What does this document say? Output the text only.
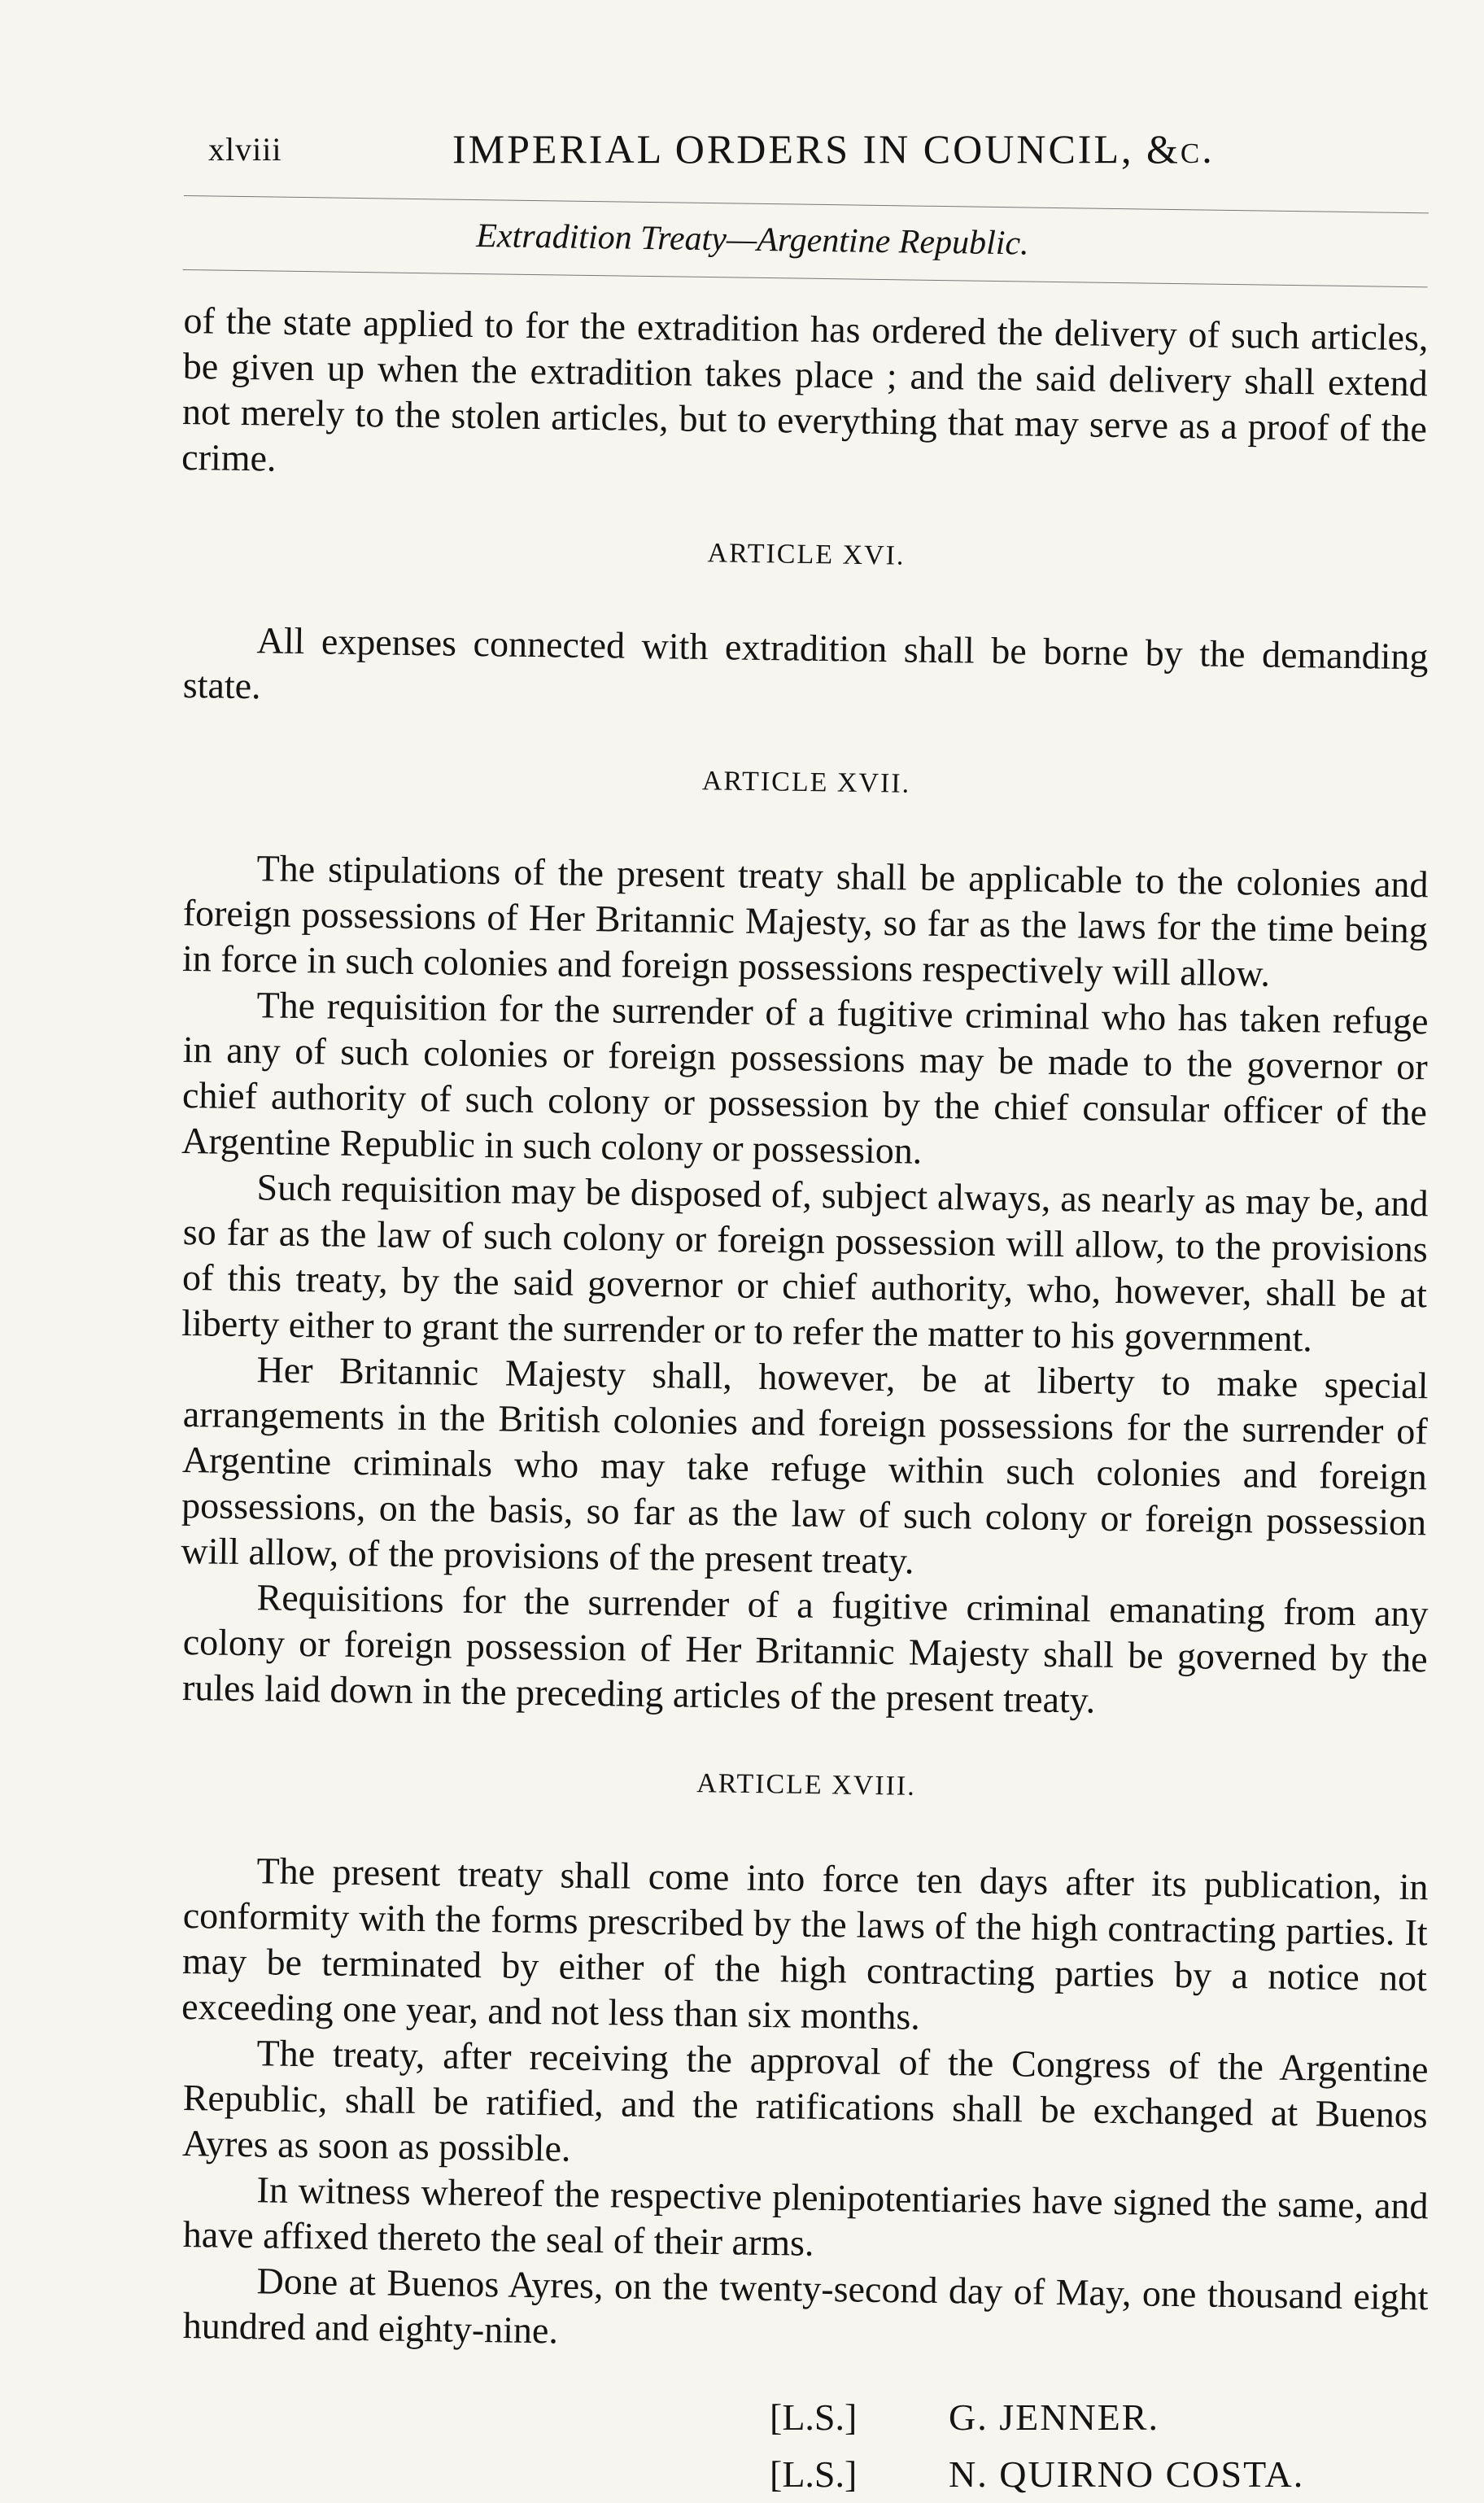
xlviii	IMPERIAL ORDERS IN COUNCIL, &c.
Extradition Treaty—Argentine Republic.

of the state applied to for the extradition has ordered the delivery of such articles, be given up when the extradition takes place ; and the said delivery shall extend not merely to the stolen articles, but to everything that may serve as a proof of the crime.

ARTICLE XVI.

All expenses connected with extradition shall be borne by the demanding state.

ARTICLE XVII.

The stipulations of the present treaty shall be applicable to the colonies and foreign possessions of Her Britannic Majesty, so far as the laws for the time being in force in such colonies and foreign possessions respectively will allow.

The requisition for the surrender of a fugitive criminal who has taken refuge in any of such colonies or foreign possessions may be made to the governor or chief authority of such colony or possession by the chief consular officer of the Argentine Republic in such colony or possession.

Such requisition may be disposed of, subject always, as nearly as may be, and so far as the law of such colony or foreign possession will allow, to the provisions of this treaty, by the said governor or chief authority, who, however, shall be at liberty either to grant the surrender or to refer the matter to his government.

Her Britannic Majesty shall, however, be at liberty to make special arrangements in the British colonies and foreign possessions for the surrender of Argentine criminals who may take refuge within such colonies and foreign possessions, on the basis, so far as the law of such colony or foreign possession will allow, of the provisions of the present treaty.

Requisitions for the surrender of a fugitive criminal emanating from any colony or foreign possession of Her Britannic Majesty shall be governed by the rules laid down in the preceding articles of the present treaty.

ARTICLE XVIII.

The present treaty shall come into force ten days after its publication, in conformity with the forms prescribed by the laws of the high contracting parties. It may be terminated by either of the high contracting parties by a notice not exceeding one year, and not less than six months.

The treaty, after receiving the approval of the Congress of the Argentine Republic, shall be ratified, and the ratifications shall be exchanged at Buenos Ayres as soon as possible.

In witness whereof the respective plenipotentiaries have signed the same, and have affixed thereto the seal of their arms.

Done at Buenos Ayres, on the twenty-second day of May, one thousand eight hundred and eighty-nine.

[L.S.]	G. JENNER.
[L.S.]	N. QUIRNO COSTA.
